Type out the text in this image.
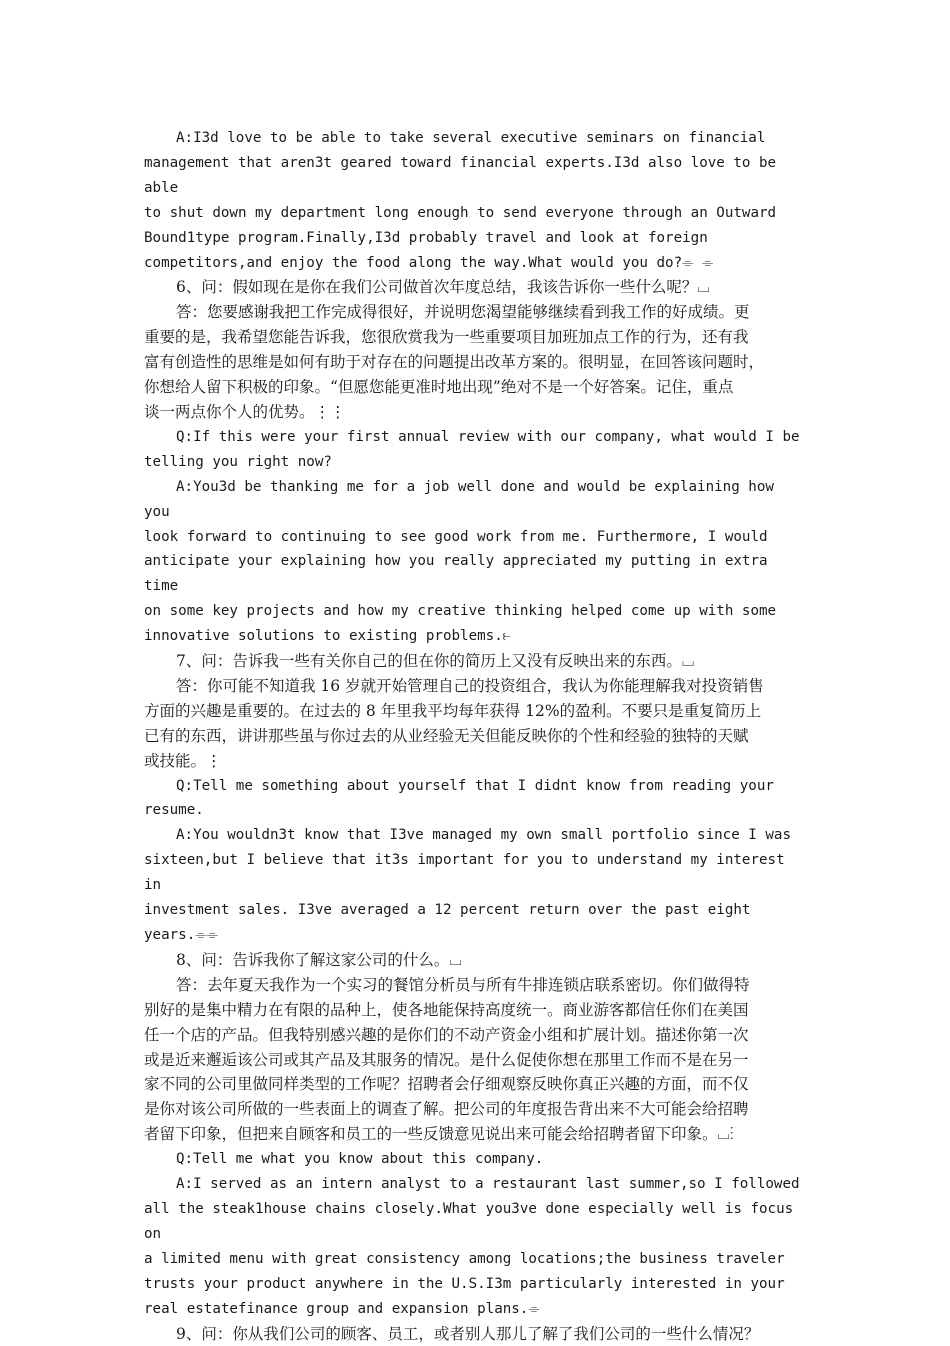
A:I3d love to be able to take several executive seminars on financial
management that aren3t geared toward financial experts.I3d also love to be able
to shut down my department long enough to send everyone through an Outward
Bound1type program.Finally,I3d probably travel and look at foreign
competitors,and enjoy the food along the way.What would you do?⌯ ⌯

6、问：假如现在是你在我们公司做首次年度总结，我该告诉你一些什么呢？⌴

答：您要感谢我把工作完成得很好，并说明您渴望能够继续看到我工作的好成绩。更
重要的是，我希望您能告诉我，您很欣赏我为一些重要项目加班加点工作的行为，还有我
富有创造性的思维是如何有助于对存在的问题提出改革方案的。很明显，在回答该问题时，
你想给人留下积极的印象。“但愿您能更准时地出现”绝对不是一个好答案。记住，重点
谈一两点你个人的优势。⋮⋮

Q:If this were your first annual review with our company, what would I be
telling you right now?

A:You3d be thanking me for a job well done and would be explaining how you
look forward to continuing to see good work from me. Furthermore, I would
anticipate your explaining how you really appreciated my putting in extra time
on some key projects and how my creative thinking helped come up with some
innovative solutions to existing problems.⥼

7、问：告诉我一些有关你自己的但在你的简历上又没有反映出来的东西。⌴

答：你可能不知道我 16 岁就开始管理自己的投资组合，我认为你能理解我对投资销售
方面的兴趣是重要的。在过去的 8 年里我平均每年获得 12%的盈利。不要只是重复简历上
已有的东西，讲讲那些虽与你过去的从业经验无关但能反映你的个性和经验的独特的天赋
或技能。⋮

Q:Tell me something about yourself that I didnt know from reading your
resume.

A:You wouldn3t know that I3ve managed my own small portfolio since I was
sixteen,but I believe that it3s important for you to understand my interest in
investment sales. I3ve averaged a 12 percent return over the past eight
years.⌯⌯

8、问：告诉我你了解这家公司的什么。⌴

答：去年夏天我作为一个实习的餐馆分析员与所有牛排连锁店联系密切。你们做得特
别好的是集中精力在有限的品种上，使各地能保持高度统一。商业游客都信任你们在美国
任一个店的产品。但我特别感兴趣的是你们的不动产资金小组和扩展计划。描述你第一次
或是近来邂逅该公司或其产品及其服务的情况。是什么促使你想在那里工作而不是在另一
家不同的公司里做同样类型的工作呢？招聘者会仔细观察反映你真正兴趣的方面，而不仅
是你对该公司所做的一些表面上的调查了解。把公司的年度报告背出来不大可能会给招聘
者留下印象，但把来自顾客和员工的一些反馈意见说出来可能会给招聘者留下印象。⌴⋮

Q:Tell me what you know about this company.

A:I served as an intern analyst to a restaurant last summer,so I followed
all the steak1house chains closely.What you3ve done especially well is focus on
a limited menu with great consistency among locations;the business traveler
trusts your product anywhere in the U.S.I3m particularly interested in your
real estatefinance group and expansion plans.⌯

9、问：你从我们公司的顾客、员工，或者别人那儿了解了我们公司的一些什么情况？
